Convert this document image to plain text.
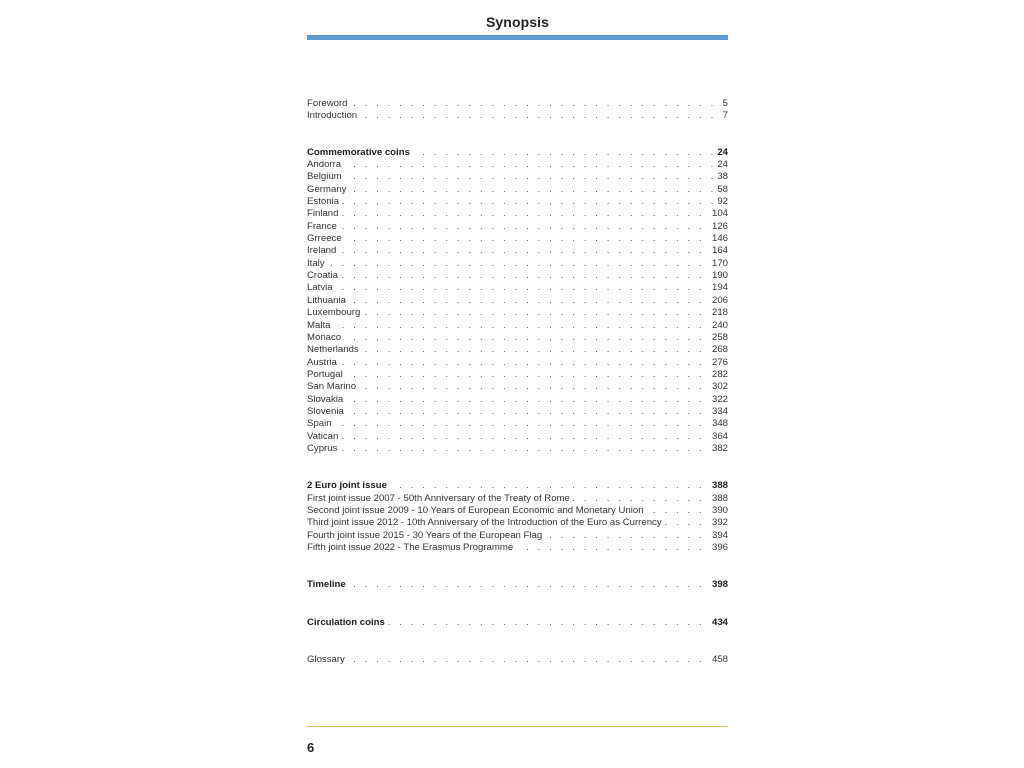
Synopsis
. . .
Foreword	5
. . .
Introduction	7
. . .
Commemorative coins	24
. . .
Andorra	24
. . .
Belgium	38
. . .
Germany	58
. . .
Estonia	92
. . .
Finland	104
. . .
France	126
. . .
Grreece	146
. . .
Ireland	164
. . .
Italy	170
. . .
Croatia	190
. . .
Latvia	194
. . .
Lithuania	206
. . .
Luxembourg	218
. . .
Malta	240
. . .
Monaco	258
. . .
Netherlands	268
. . .
Austria	276
. . .
Portugal	282
. . .
San Marino	302
. . .
Slovakia	322
. . .
Slovenia	334
. . .
Spain	348
. . .
Vatican	364
. . .
Cyprus	382
. . .
2 Euro joint issue	388
. . .
First joint issue 2007 - 50th Anniversary of the Treaty of Rome	388
. . .
Second joint issue 2009 - 10 Years of European Economic and Monetary Union	390
. . .
Third joint issue 2012 - 10th Anniversary of the Introduction of the Euro as Currency	392
. . .
Fourth joint issue 2015 - 30 Years of the European Flag	394
. . .
Fifth joint issue 2022 - The Erasmus Programme	396
. . .
Timeline	398
. . .
Circulation coins	434
. . .
Glossary	458
6
